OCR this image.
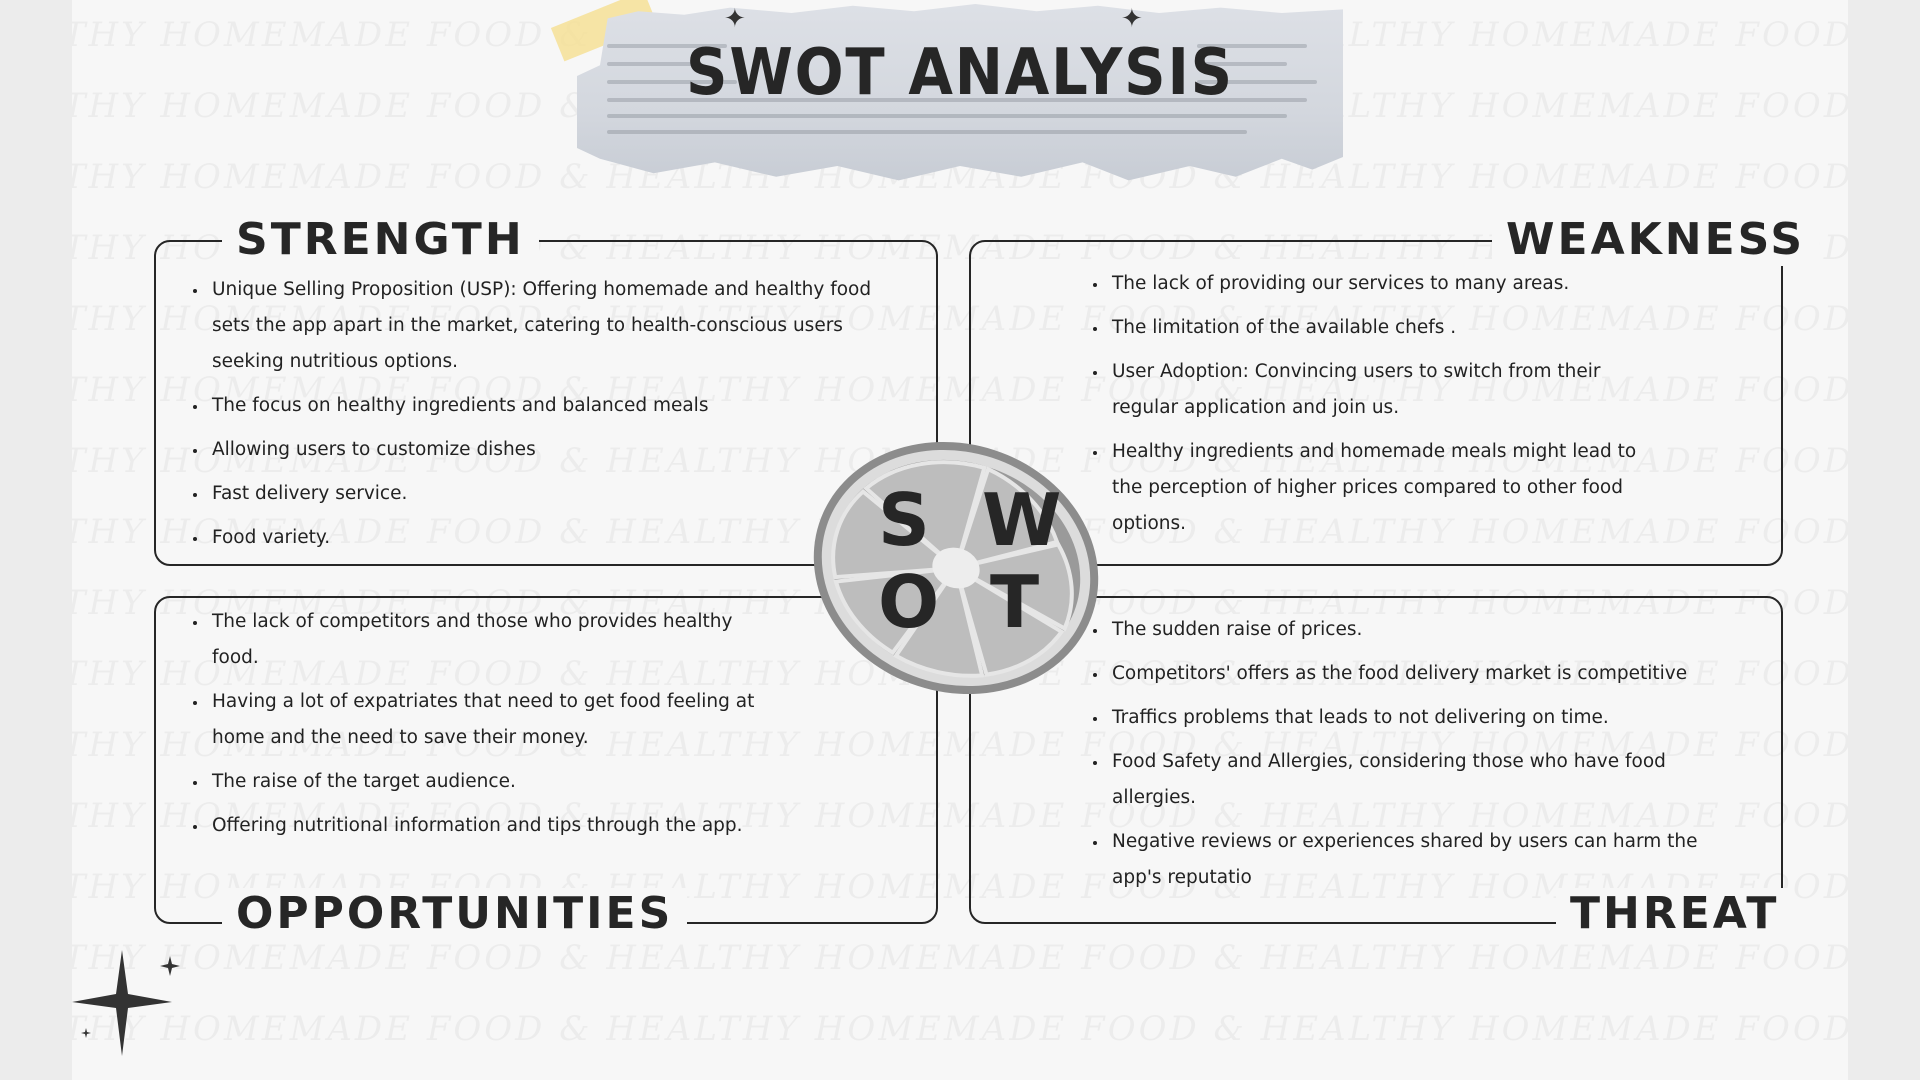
SWOT ANALYSIS
✦	✦
STRENGTH
• Unique Selling Proposition (USP): Offering homemade and healthy food sets the app apart in the market, catering to health-conscious users seeking nutritious options.
• The focus on healthy ingredients and balanced meals
• Allowing users to customize dishes
• Fast delivery service.
• Food variety.
WEAKNESS
• The lack of providing our services to many areas.
• The limitation of the available chefs .
• User Adoption: Convincing users to switch from their regular application and join us.
• Healthy ingredients and homemade meals might lead to the perception of higher prices compared to other food options.
OPPORTUNITIES
• The lack of competitors and those who provides healthy food.
• Having a lot of expatriates that need to get food feeling at home and the need to save their money.
• The raise of the target audience.
• Offering nutritional information and tips through the app.
THREAT
• The sudden raise of prices.
• Competitors' offers as the food delivery market is competitive
• Traffics problems that leads to not delivering on time.
• Food Safety and Allergies, considering those who have food allergies.
• Negative reviews or experiences shared by users can harm the app's reputatio
S W
O T
